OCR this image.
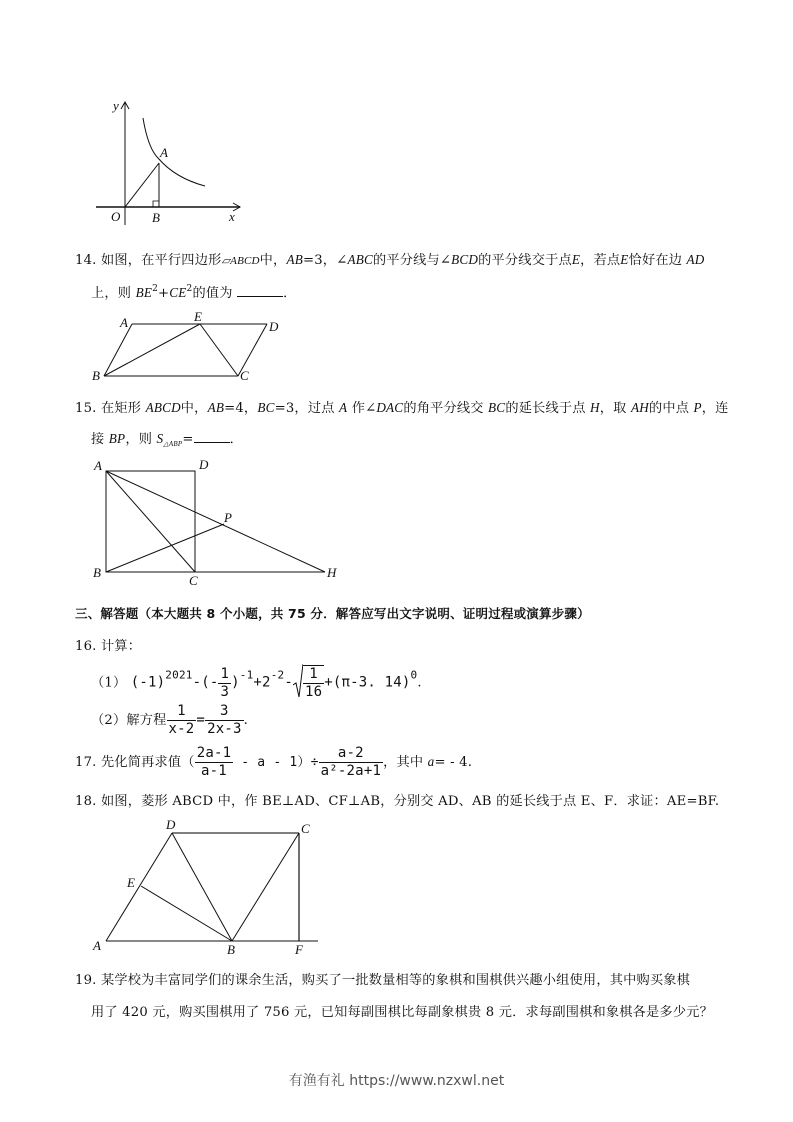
y
A
O B	x
14. 如图，在平行四边形▱ABCD中，AB=3，∠ABC的平分线与∠BCD的平分线交于点E，若点E恰好在边 AD
上，则 $BE^2+CE^2$的值为	．
A	E
D
B	C
15. 在矩形 ABCD中，AB=4，BC=3，过点 A 作∠DAC的角平分线交 BC的延长线于点 H，取 AH的中点 P，连
接 BP，则 $S_{\triangle ABP}=$	．
A	D
P
B
C
H
三、解答题（本大题共 8 个小题，共 75 分．解答应写出文字说明、证明过程或演算步骤）
16. 计算：
（1） $(-1)^{2021}-(- \frac{1}{3} )^{-1}+2^{-2}- \frac{1}{16} +(\pi-3$. 14)$^0$.
（2）解方程 $\frac{1}{x-2} = \frac{3}{2x-3}$ .
17. 先化简再求值（ $\frac{2a-1}{a-1} - a - 1)\div \frac{a-2}{\text{a²-2a+1}}$ ，其中 a= - 4.
18. 如图，菱形 ABCD 中，作 BE⊥AD、CF⊥AB，分别交 AD、AB 的延长线于点 E、F．求证：AE=BF.
D	C
E
A	B	F
19. 某学校为丰富同学们的课余生活，购买了一批数量相等的象棋和围棋供兴趣小组使用，其中购买象棋
用了 420 元，购买围棋用了 756 元，已知每副围棋比每副象棋贵 8 元．求每副围棋和象棋各是多少元？
有渔有礼 https://www.nzxwl.net
